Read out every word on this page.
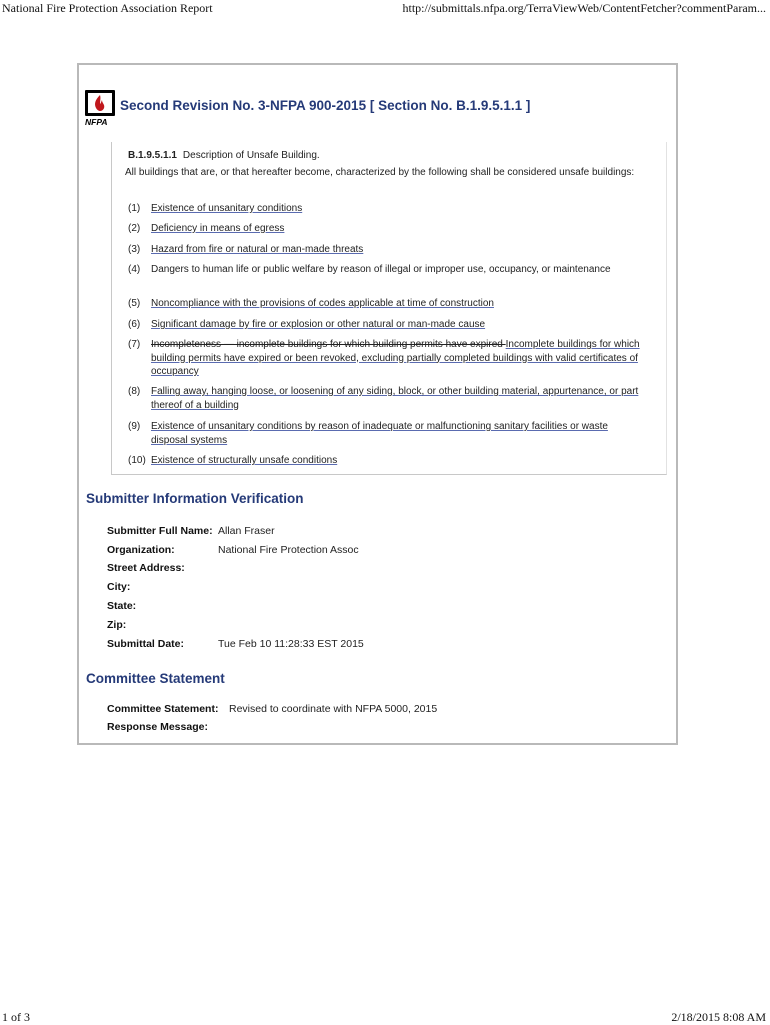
National Fire Protection Association Report	http://submittals.nfpa.org/TerraViewWeb/ContentFetcher?commentParam...
NFPA
Second Revision No. 3-NFPA 900-2015 [ Section No. B.1.9.5.1.1 ]
B.1.9.5.1.1 Description of Unsafe Building.
All buildings that are, or that hereafter become, characterized by the following shall be considered unsafe buildings:
(1)	Existence of unsanitary conditions
(2)	Deficiency in means of egress
(3)	Hazard from fire or natural or man-made threats
(4)	Dangers to human life or public welfare by reason of illegal or improper use, occupancy, or maintenance
(5)	Noncompliance with the provisions of codes applicable at time of construction
(6)	Significant damage by fire or explosion or other natural or man-made cause
(7)	Incompleteness — incomplete buildings for which building permits have expired Incomplete buildings for which building permits have expired or been revoked, excluding partially completed buildings with valid certificates of occupancy
(8)	Falling away, hanging loose, or loosening of any siding, block, or other building material, appurtenance, or part thereof of a building
(9)	Existence of unsanitary conditions by reason of inadequate or malfunctioning sanitary facilities or waste disposal systems
(10) Existence of structurally unsafe conditions
Submitter Information Verification
Submitter Full Name: Allan Fraser
Organization:	National Fire Protection Assoc
Street Address:
City:
State:
Zip:
Submittal Date:	Tue Feb 10 11:28:33 EST 2015
Committee Statement
Committee Statement: Revised to coordinate with NFPA 5000, 2015
Response Message:
1 of 3	2/18/2015 8:08 AM
